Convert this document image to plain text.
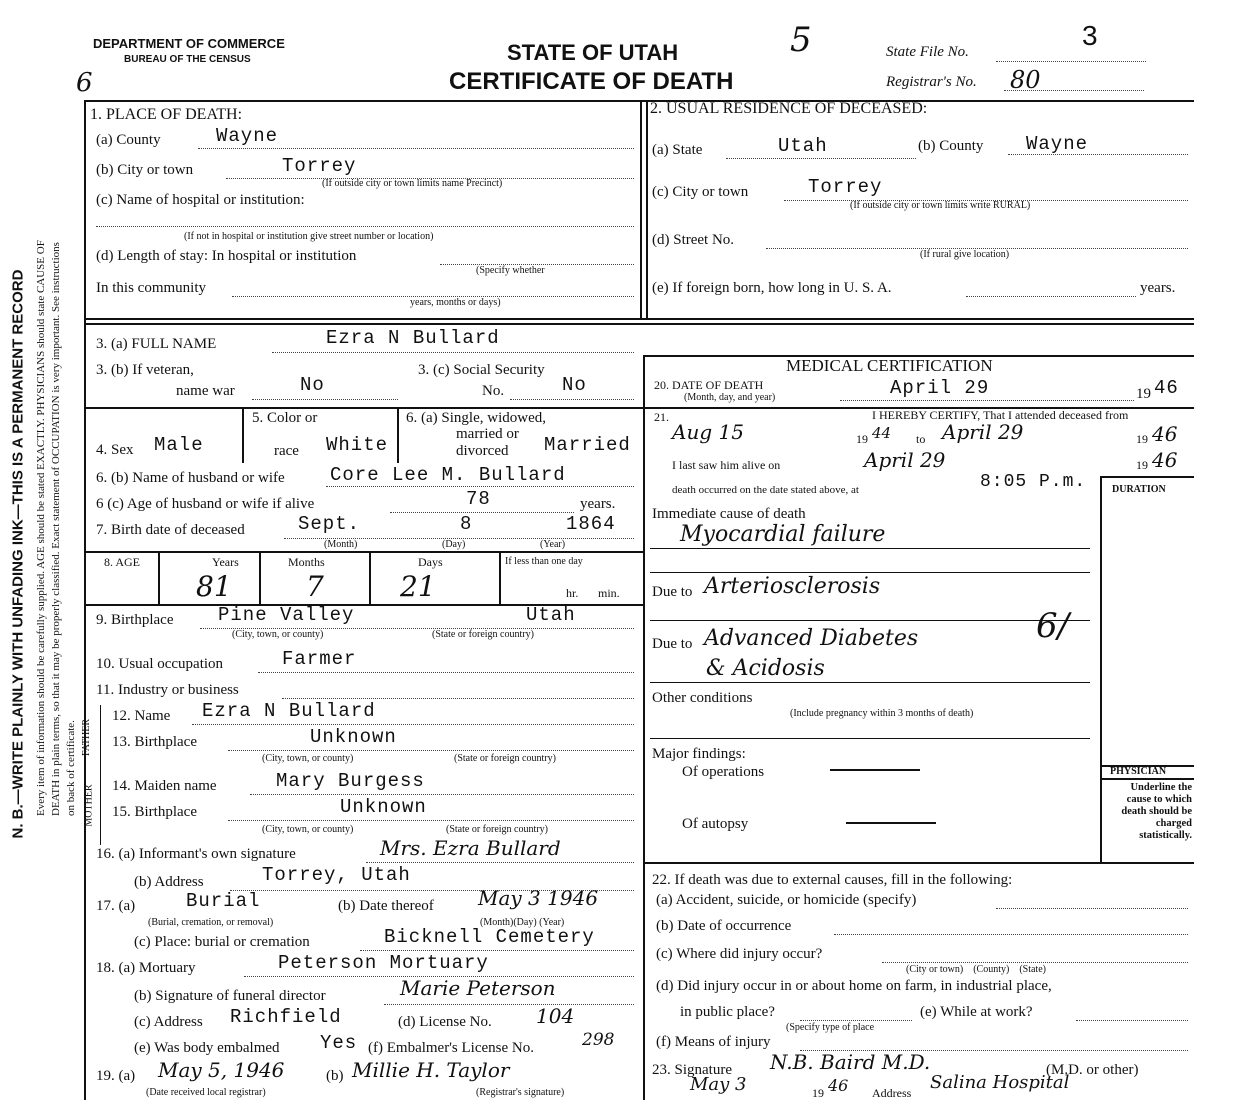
N. B.—WRITE PLAINLY WITH UNFADING INK—THIS IS A PERMANENT RECORD Every item of information should be carefully supplied. AGE should be stated EXACTLY. PHYSICIANS should state CAUSE OF DEATH in plain terms, so that it may be properly classified. Exact statement of OCCUPATION is very important. See instructions on back of certificate.
DEPARTMENT OF COMMERCE
BUREAU OF THE CENSUS	STATE OF UTAH
CERTIFICATE OF DEATH
5
6
State File No.
3
Registrar's No. 80
1. PLACE OF DEATH:
(a) County	Wayne
(b) City or town	Torrey
(If outside city or town limits name Precinct)
(c) Name of hospital or institution:
(If not in hospital or institution give street number or location)
(d) Length of stay: In hospital or institution
(Specify whether
In this community
years, months or days)
2. USUAL RESIDENCE OF DECEASED:
(a) State	Utah	(b) County Wayne
(c) City or town	Torrey
(If outside city or town limits write RURAL)
(d) Street No.
(If rural give location)
(e) If foreign born, how long in U. S. A.	years.
3. (a) FULL NAME	Ezra N Bullard
3. (b) If veteran,
name war	No
3. (c) Social Security
No.	No
4. Sex Male
5. Color or
race White
6. (a) Single, widowed,
married or
divorced Married
6. (b) Name of husband or wife Core Lee M. Bullard
6 (c) Age of husband or wife if alive	78	years.
7. Birth date of deceased	Sept.	8	1864
(Month)	(Day)	(Year)
8. AGE	Years	Months	Days	If less than one day
hr. min.
81	7	21
9. Birthplace Pine Valley	Utah
(City, town, or county)	(State or foreign country)
10. Usual occupation	Farmer
11. Industry or business
FATHER
MOTHER
12. Name Ezra N Bullard
13. Birthplace	Unknown
(City, town, or county)	(State or foreign country)
14. Maiden name	Mary Burgess
15. Birthplace	Unknown
(City, town, or county)	(State or foreign country)
16. (a) Informant's own signature	Mrs. Ezra Bullard
(b) Address	Torrey, Utah
17. (a)	Burial
(Burial, cremation, or removal)
(b) Date thereof May 3 1946
(Month)(Day) (Year)
(c) Place: burial or cremation	Bicknell Cemetery
18. (a) Mortuary	Peterson Mortuary
(b) Signature of funeral director	Marie Peterson
(c) Address Richfield	(d) License No. 104
(e) Was body embalmed Yes (f) Embalmer's License No.	298
19. (a) May 5, 1946	(b) Millie H. Taylor
(Date received local registrar)	(Registrar's signature)
MEDICAL CERTIFICATION
20. DATE OF DEATH
(Month, day, and year)	April 29	19 46
21.	I HEREBY CERTIFY, That I attended deceased from
Aug 15	19 44 to April 29	19 46
I last saw him alive on	April 29	19 46
death occurred on the date stated above, at	8:05 P.m.	DURATION
Immediate cause of death
Myocardial failure
Due to Arteriosclerosis
Due to Advanced Diabetes	6/
& Acidosis
Other conditions
(Include pregnancy within 3 months of death)
Major findings:
Of operations
Of autopsy
PHYSICIAN
Underline the cause to which death should be charged statistically.
22. If death was due to external causes, fill in the following:
(a) Accident, suicide, or homicide (specify)
(b) Date of occurrence
(c) Where did injury occur?
(City or town)    (County)    (State)
(d) Did injury occur in or about home on farm, in industrial place,
in public place?	(e) While at work?
(Specify type of place
(f) Means of injury
23. Signature N.B. Baird M.D.	(M.D. or other)
May 3	19 46 Address Salina Hospital
